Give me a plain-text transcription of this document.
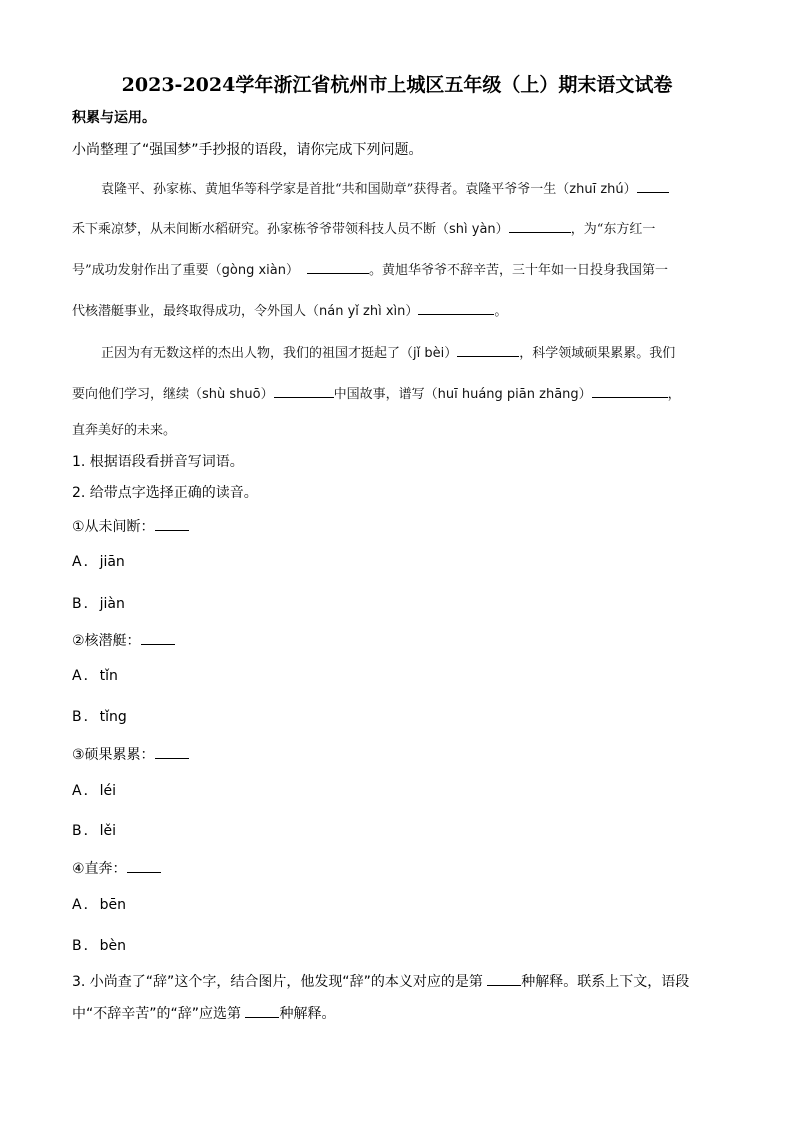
2023-2024学年浙江省杭州市上城区五年级（上）期末语文试卷
积累与运用。
小尚整理了“强国梦”手抄报的语段，请你完成下列问题。
袁隆平、孙家栋、黄旭华等科学家是首批“共和国勋章”获得者。袁隆平爷爷一生（zhuī zhú）
禾下乘凉梦，从未间断水稻研究。孙家栋爷爷带领科技人员不断（shì yàn）	，为“东方红一
号”成功发射作出了重要（gòng xiàn）	。黄旭华爷爷不辞辛苦，三十年如一日投身我国第一
代核潜艇事业，最终取得成功，令外国人（nán yǐ zhì xìn）	。
正因为有无数这样的杰出人物，我们的祖国才挺起了（jǐ bèi）	，科学领域硕果累累。我们
要向他们学习，继续（shù shuō）	中国故事，谱写（huī huáng piān zhāng）	，
直奔美好的未来。
1. 根据语段看拼音写词语。
2. 给带点字选择正确的读音。
①从未间断：
A．jiān
B．jiàn
②核潜艇：
A．tǐn
B．tǐng
③硕果累累：
A．léi
B．lěi
④直奔：
A．bēn
B．bèn
3. 小尚查了“辞”这个字，结合图片，他发现“辞”的本义对应的是第 种解释。联系上下文，语段
中“不辞辛苦”的“辞”应选第 种解释。
